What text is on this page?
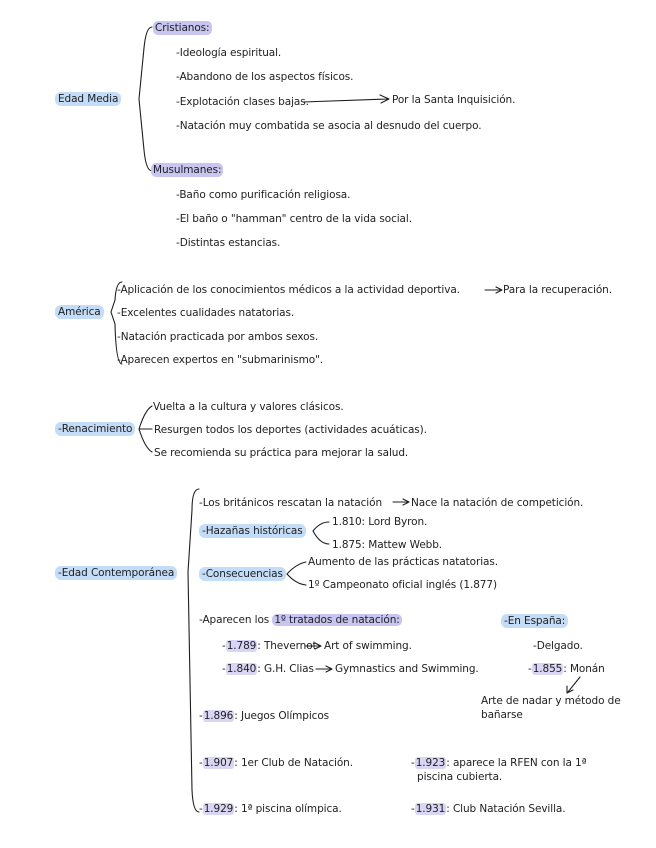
Edad Media
Cristianos:
-Ideología espiritual.
-Abandono de los aspectos físicos.
-Explotación clases bajas.	Por la Santa Inquisición.
-Natación muy combatida se asocia al desnudo del cuerpo.
Musulmanes:
-Baño como purificación religiosa.
-El baño o "hamman" centro de la vida social.
-Distintas estancias.
América
-Aplicación de los conocimientos médicos a la actividad deportiva.	Para la recuperación.
-Excelentes cualidades natatorias.
-Natación practicada por ambos sexos.
-Aparecen expertos en "submarinismo".
-Renacimiento
Vuelta a la cultura y valores clásicos.
Resurgen todos los deportes (actividades acuáticas).
Se recomienda su práctica para mejorar la salud.
-Edad Contemporánea
-Los británicos rescatan la natación	Nace la natación de competición.
-Hazañas históricas
1.810: Lord Byron.
1.875: Mattew Webb.
-Consecuencias
Aumento de las prácticas natatorias.
1º Campeonato oficial inglés (1.877)
-Aparecen los 1º tratados de natación:
-1.789: Thevernot Art of swimming.
-1.840: G.H. Clias Gymnastics and Swimming.
-En España:
-Delgado.
-1.855: Monán
Arte de nadar y método de
bañarse
-1.896: Juegos Olímpicos
-1.907: 1er Club de Natación.	-1.923: aparece la RFEN con la 1ª
piscina cubierta.
-1.929: 1ª piscina olímpica.	-1.931: Club Natación Sevilla.
